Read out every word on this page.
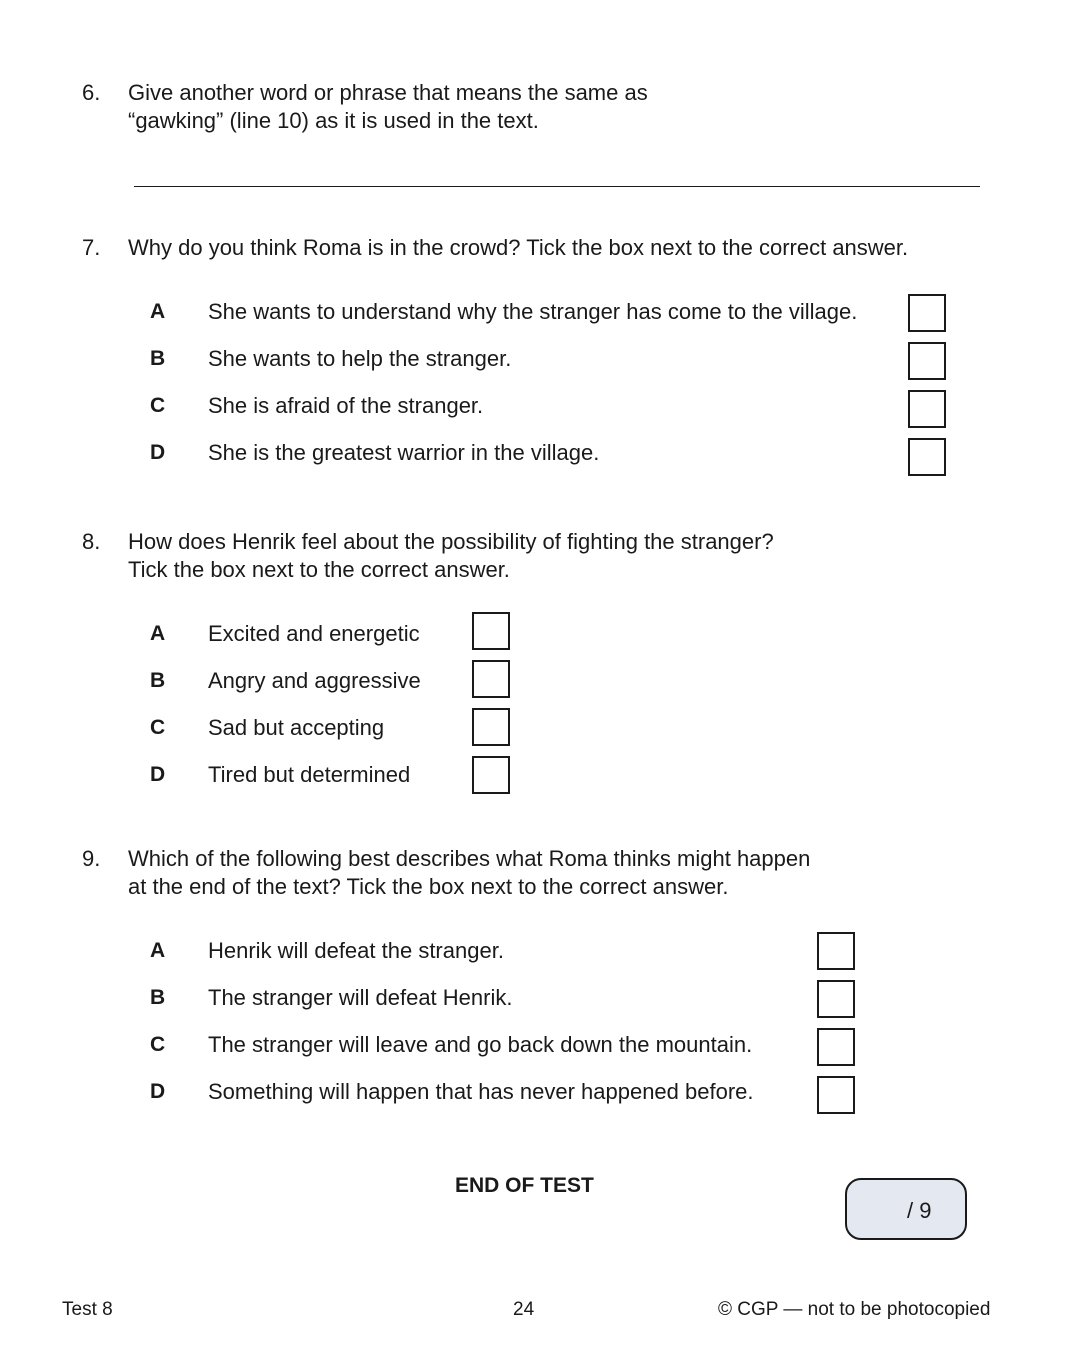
6. Give another word or phrase that means the same as
“gawking” (line 10) as it is used in the text.
7. Why do you think Roma is in the crowd? Tick the box next to the correct answer.
A She wants to understand why the stranger has come to the village.
B She wants to help the stranger.
C She is afraid of the stranger.
D She is the greatest warrior in the village.
8. How does Henrik feel about the possibility of fighting the stranger?
Tick the box next to the correct answer.
A Excited and energetic
B Angry and aggressive
C Sad but accepting
D Tired but determined
9. Which of the following best describes what Roma thinks might happen
at the end of the text? Tick the box next to the correct answer.
A Henrik will defeat the stranger.
B The stranger will defeat Henrik.
C The stranger will leave and go back down the mountain.
D Something will happen that has never happened before.
END OF TEST
/ 9
Test 8	24	© CGP — not to be photocopied
